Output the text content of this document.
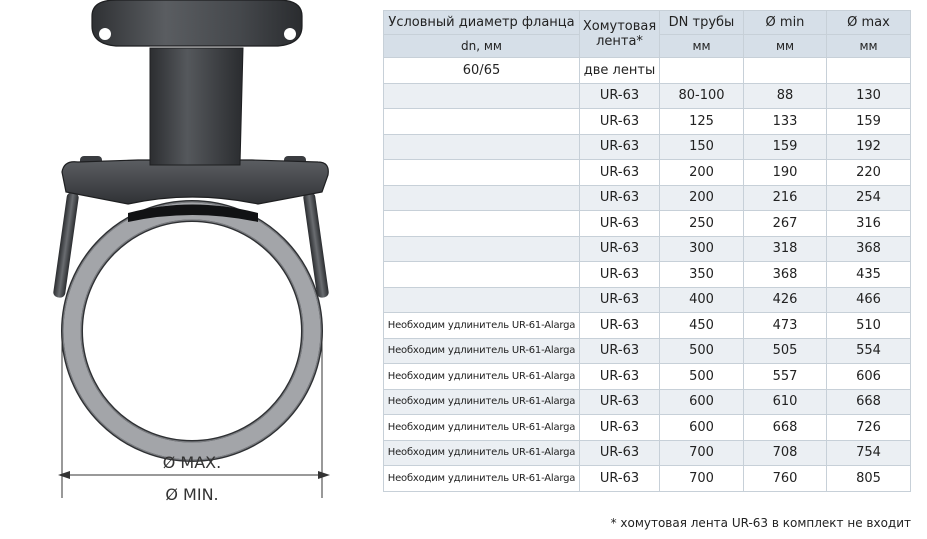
Ø MAX.
Ø MIN.
Условный диаметр фланца	Хомутовая лента*	DN трубы	Ø min	Ø max
dn, мм		мм	мм	мм
60/65	две ленты			
	UR-63	80-100	88	130
	UR-63	125	133	159
	UR-63	150	159	192
	UR-63	200	190	220
	UR-63	200	216	254
	UR-63	250	267	316
	UR-63	300	318	368
	UR-63	350	368	435
	UR-63	400	426	466
Необходим удлинитель UR-61-Alarga	UR-63	450	473	510
Необходим удлинитель UR-61-Alarga	UR-63	500	505	554
Необходим удлинитель UR-61-Alarga	UR-63	500	557	606
Необходим удлинитель UR-61-Alarga	UR-63	600	610	668
Необходим удлинитель UR-61-Alarga	UR-63	600	668	726
Необходим удлинитель UR-61-Alarga	UR-63	700	708	754
Необходим удлинитель UR-61-Alarga	UR-63	700	760	805
* хомутовая лента UR-63 в комплект не входит
